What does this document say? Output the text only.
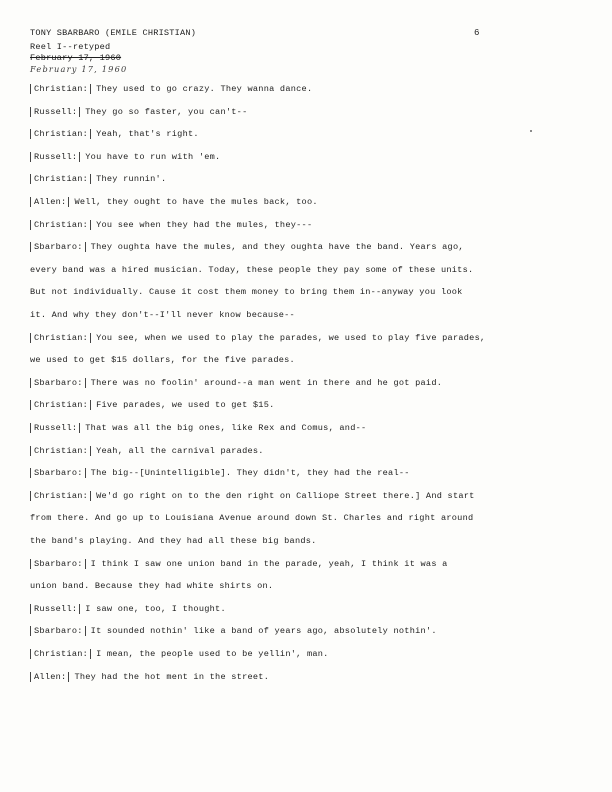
TONY SBARBARO (EMILE CHRISTIAN)	6
Reel I--retyped
February 17, 1960
February 17, 1960
Christian: They used to go crazy. They wanna dance.
Russell: They go so faster, you can't--
Christian: Yeah, that's right.
Russell: You have to run with 'em.
Christian: They runnin'.
Allen: Well, they ought to have the mules back, too.
Christian: You see when they had the mules, they---
Sbarbaro: They oughta have the mules, and they oughta have the band. Years ago,
every band was a hired musician. Today, these people they pay some of these units.
But not individually. Cause it cost them money to bring them in--anyway you look
it. And why they don't--I'll never know because--
Christian: You see, when we used to play the parades, we used to play five parades,
we used to get $15 dollars, for the five parades.
Sbarbaro: There was no foolin' around--a man went in there and he got paid.
Christian: Five parades, we used to get $15.
Russell: That was all the big ones, like Rex and Comus, and--
Christian: Yeah, all the carnival parades.
Sbarbaro: The big--[Unintelligible]. They didn't, they had the real--
Christian: We'd go right on to the den right on Calliope Street there.] And start
from there. And go up to Louisiana Avenue around down St. Charles and right around
the band's playing. And they had all these big bands.
Sbarbaro: I think I saw one union band in the parade, yeah, I think it was a
union band. Because they had white shirts on.
Russell: I saw one, too, I thought.
Sbarbaro: It sounded nothin' like a band of years ago, absolutely nothin'.
Christian: I mean, the people used to be yellin', man.
Allen: They had the hot ment in the street.
